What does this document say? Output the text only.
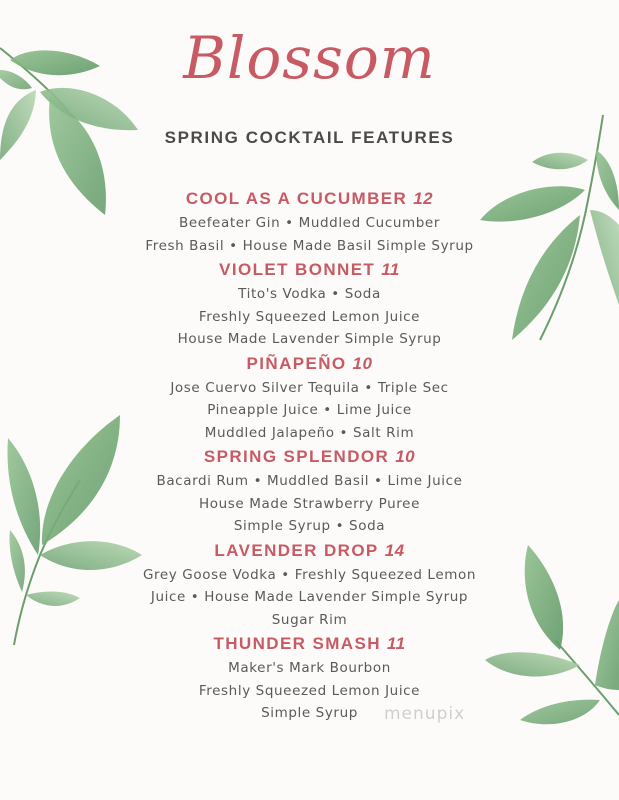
Blossom
SPRING COCKTAIL FEATURES
COOL AS A CUCUMBER 12
Beefeater Gin • Muddled Cucumber
Fresh Basil • House Made Basil Simple Syrup
VIOLET BONNET 11
Tito's Vodka • Soda
Freshly Squeezed Lemon Juice
House Made Lavender Simple Syrup
PIÑAPEÑO 10
Jose Cuervo Silver Tequila • Triple Sec
Pineapple Juice • Lime Juice
Muddled Jalapeño • Salt Rim
SPRING SPLENDOR 10
Bacardi Rum • Muddled Basil • Lime Juice
House Made Strawberry Puree
Simple Syrup • Soda
LAVENDER DROP 14
Grey Goose Vodka • Freshly Squeezed Lemon
Juice • House Made Lavender Simple Syrup
Sugar Rim
THUNDER SMASH 11
Maker's Mark Bourbon
Freshly Squeezed Lemon Juice
Simple Syrup	menupix
